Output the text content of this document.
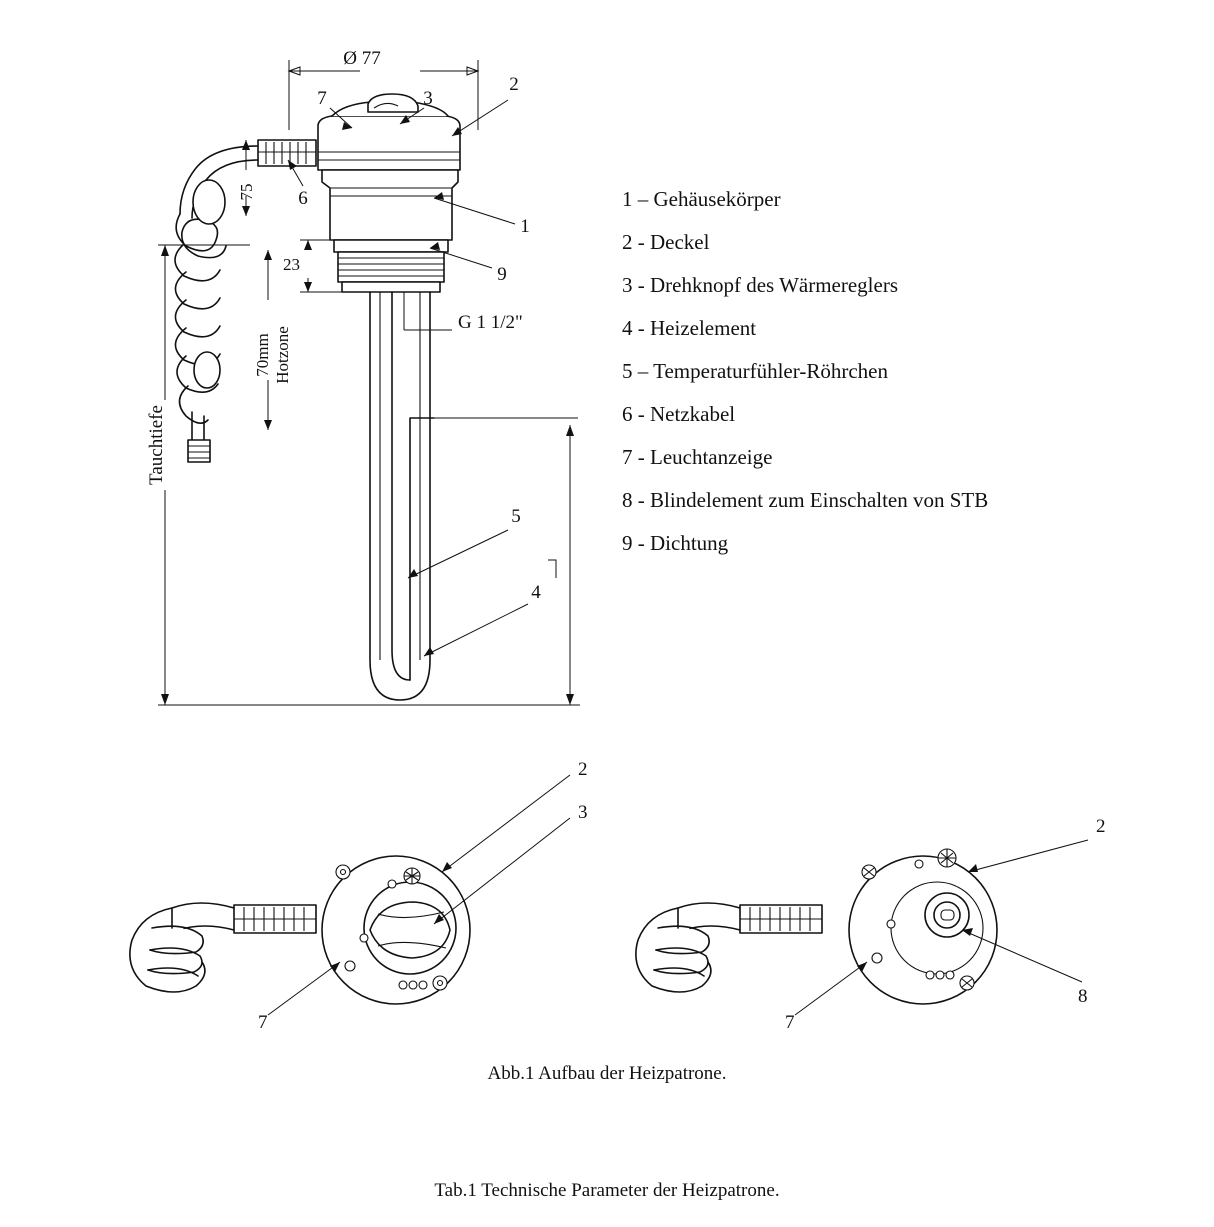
Ø 77
75
23
G 1 1/2"
70mm Hotzone
Tauchtiefe
7	3
2
6
1
9
5
4
2
3
7
2
8
7
1 – Gehäusekörper
2 - Deckel
3 - Drehknopf des Wärmereglers
4 - Heizelement
5 – Temperaturfühler-Röhrchen
6 - Netzkabel
7 - Leuchtanzeige
8 - Blindelement zum Einschalten von STB
9 - Dichtung
Abb.1 Aufbau der Heizpatrone.
Tab.1 Technische Parameter der Heizpatrone.
